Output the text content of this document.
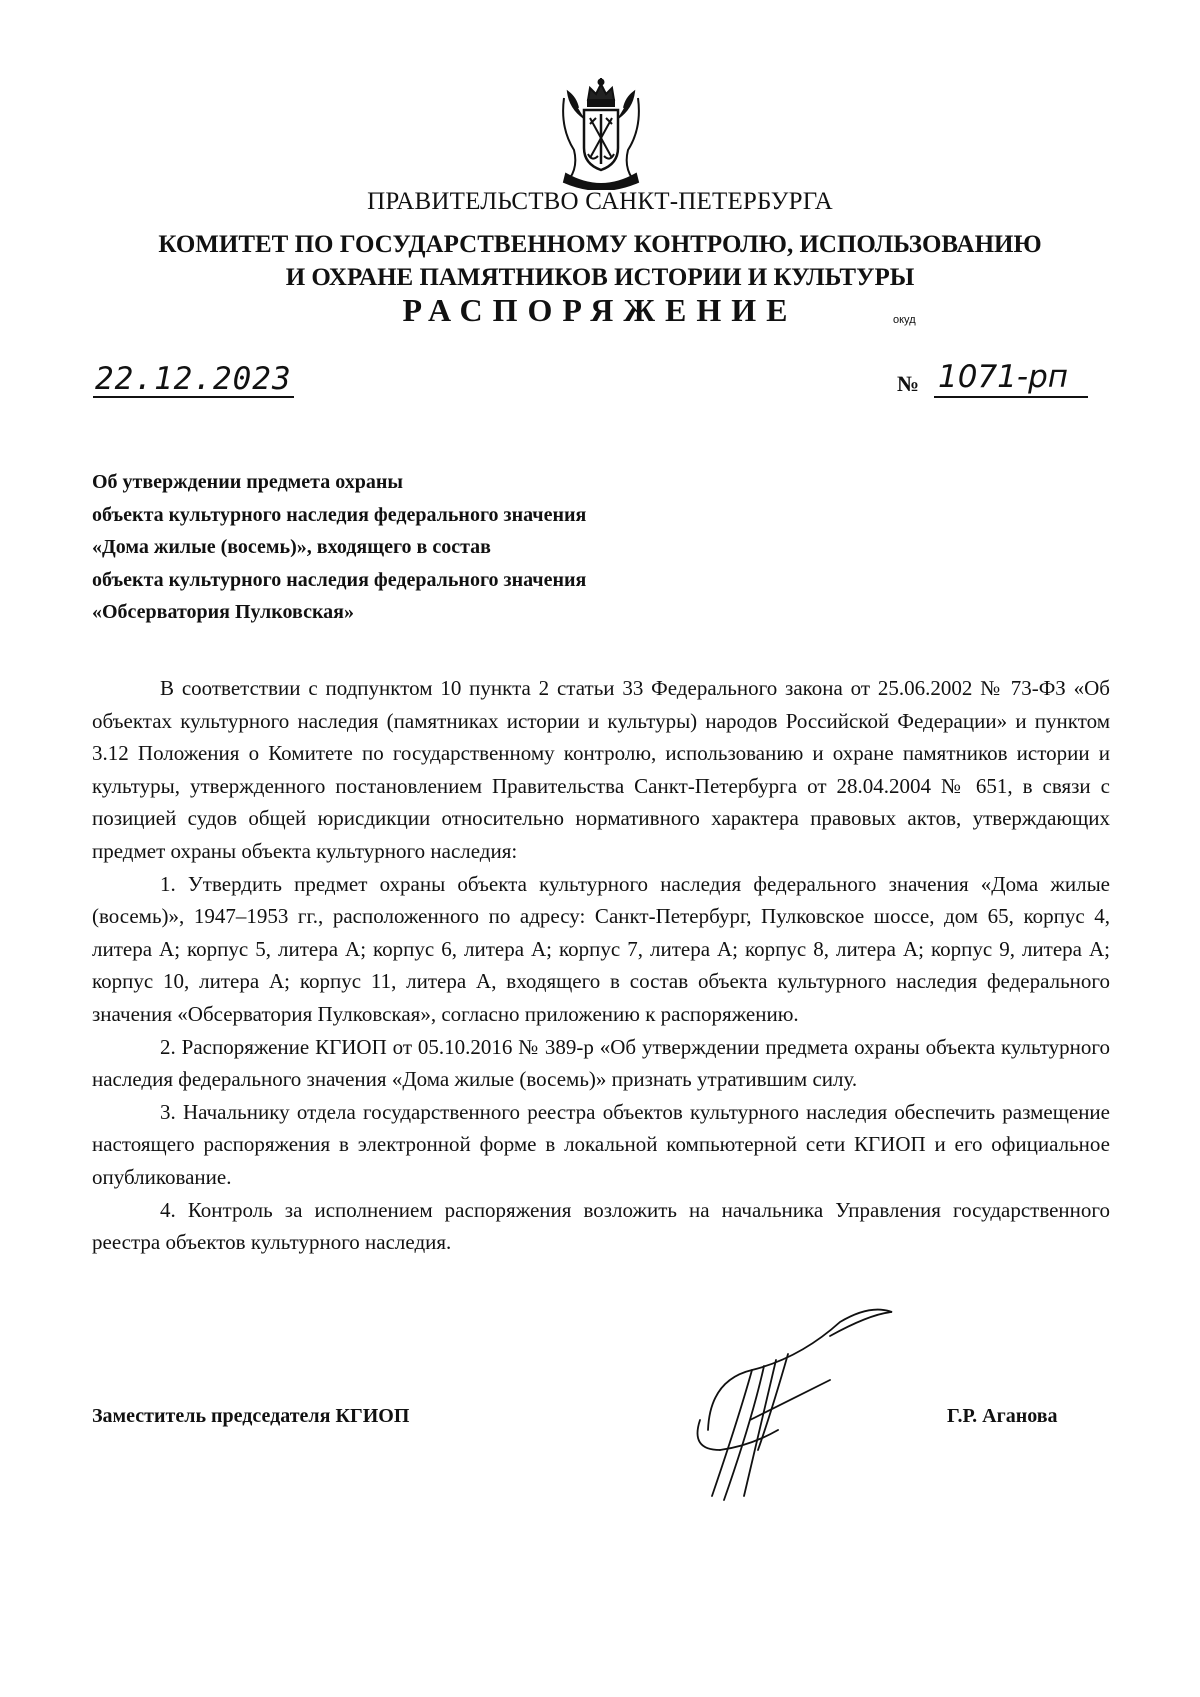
ПРАВИТЕЛЬСТВО САНКТ-ПЕТЕРБУРГА
КОМИТЕТ ПО ГОСУДАРСТВЕННОМУ КОНТРОЛЮ, ИСПОЛЬЗОВАНИЮ
И ОХРАНЕ ПАМЯТНИКОВ ИСТОРИИ И КУЛЬТУРЫ
РАСПОРЯЖЕНИЕ	окуд
22.12.2023	№ 1071-рп
Об утверждении предмета охраны
объекта культурного наследия федерального значения
«Дома жилые (восемь)», входящего в состав
объекта культурного наследия федерального значения
«Обсерватория Пулковская»

В соответствии с подпунктом 10 пункта 2 статьи 33 Федерального закона от 25.06.2002 № 73-ФЗ «Об объектах культурного наследия (памятниках истории и культуры) народов Российской Федерации» и пунктом 3.12 Положения о Комитете по государственному контролю, использованию и охране памятников истории и культуры, утвержденного постановлением Правительства Санкт-Петербурга от 28.04.2004 № 651, в связи с позицией судов общей юрисдикции относительно нормативного характера правовых актов, утверждающих предмет охраны объекта культурного наследия:

1. Утвердить предмет охраны объекта культурного наследия федерального значения «Дома жилые (восемь)», 1947–1953 гг., расположенного по адресу: Санкт-Петербург, Пулковское шоссе, дом 65, корпус 4, литера А; корпус 5, литера А; корпус 6, литера А; корпус 7, литера А; корпус 8, литера А; корпус 9, литера А; корпус 10, литера А; корпус 11, литера А, входящего в состав объекта культурного наследия федерального значения «Обсерватория Пулковская», согласно приложению к распоряжению.

2. Распоряжение КГИОП от 05.10.2016 № 389-р «Об утверждении предмета охраны объекта культурного наследия федерального значения «Дома жилые (восемь)» признать утратившим силу.

3. Начальнику отдела государственного реестра объектов культурного наследия обеспечить размещение настоящего распоряжения в электронной форме в локальной компьютерной сети КГИОП и его официальное опубликование.

4. Контроль за исполнением распоряжения возложить на начальника Управления государственного реестра объектов культурного наследия.

Заместитель председателя КГИОП	Г.Р. Аганова
